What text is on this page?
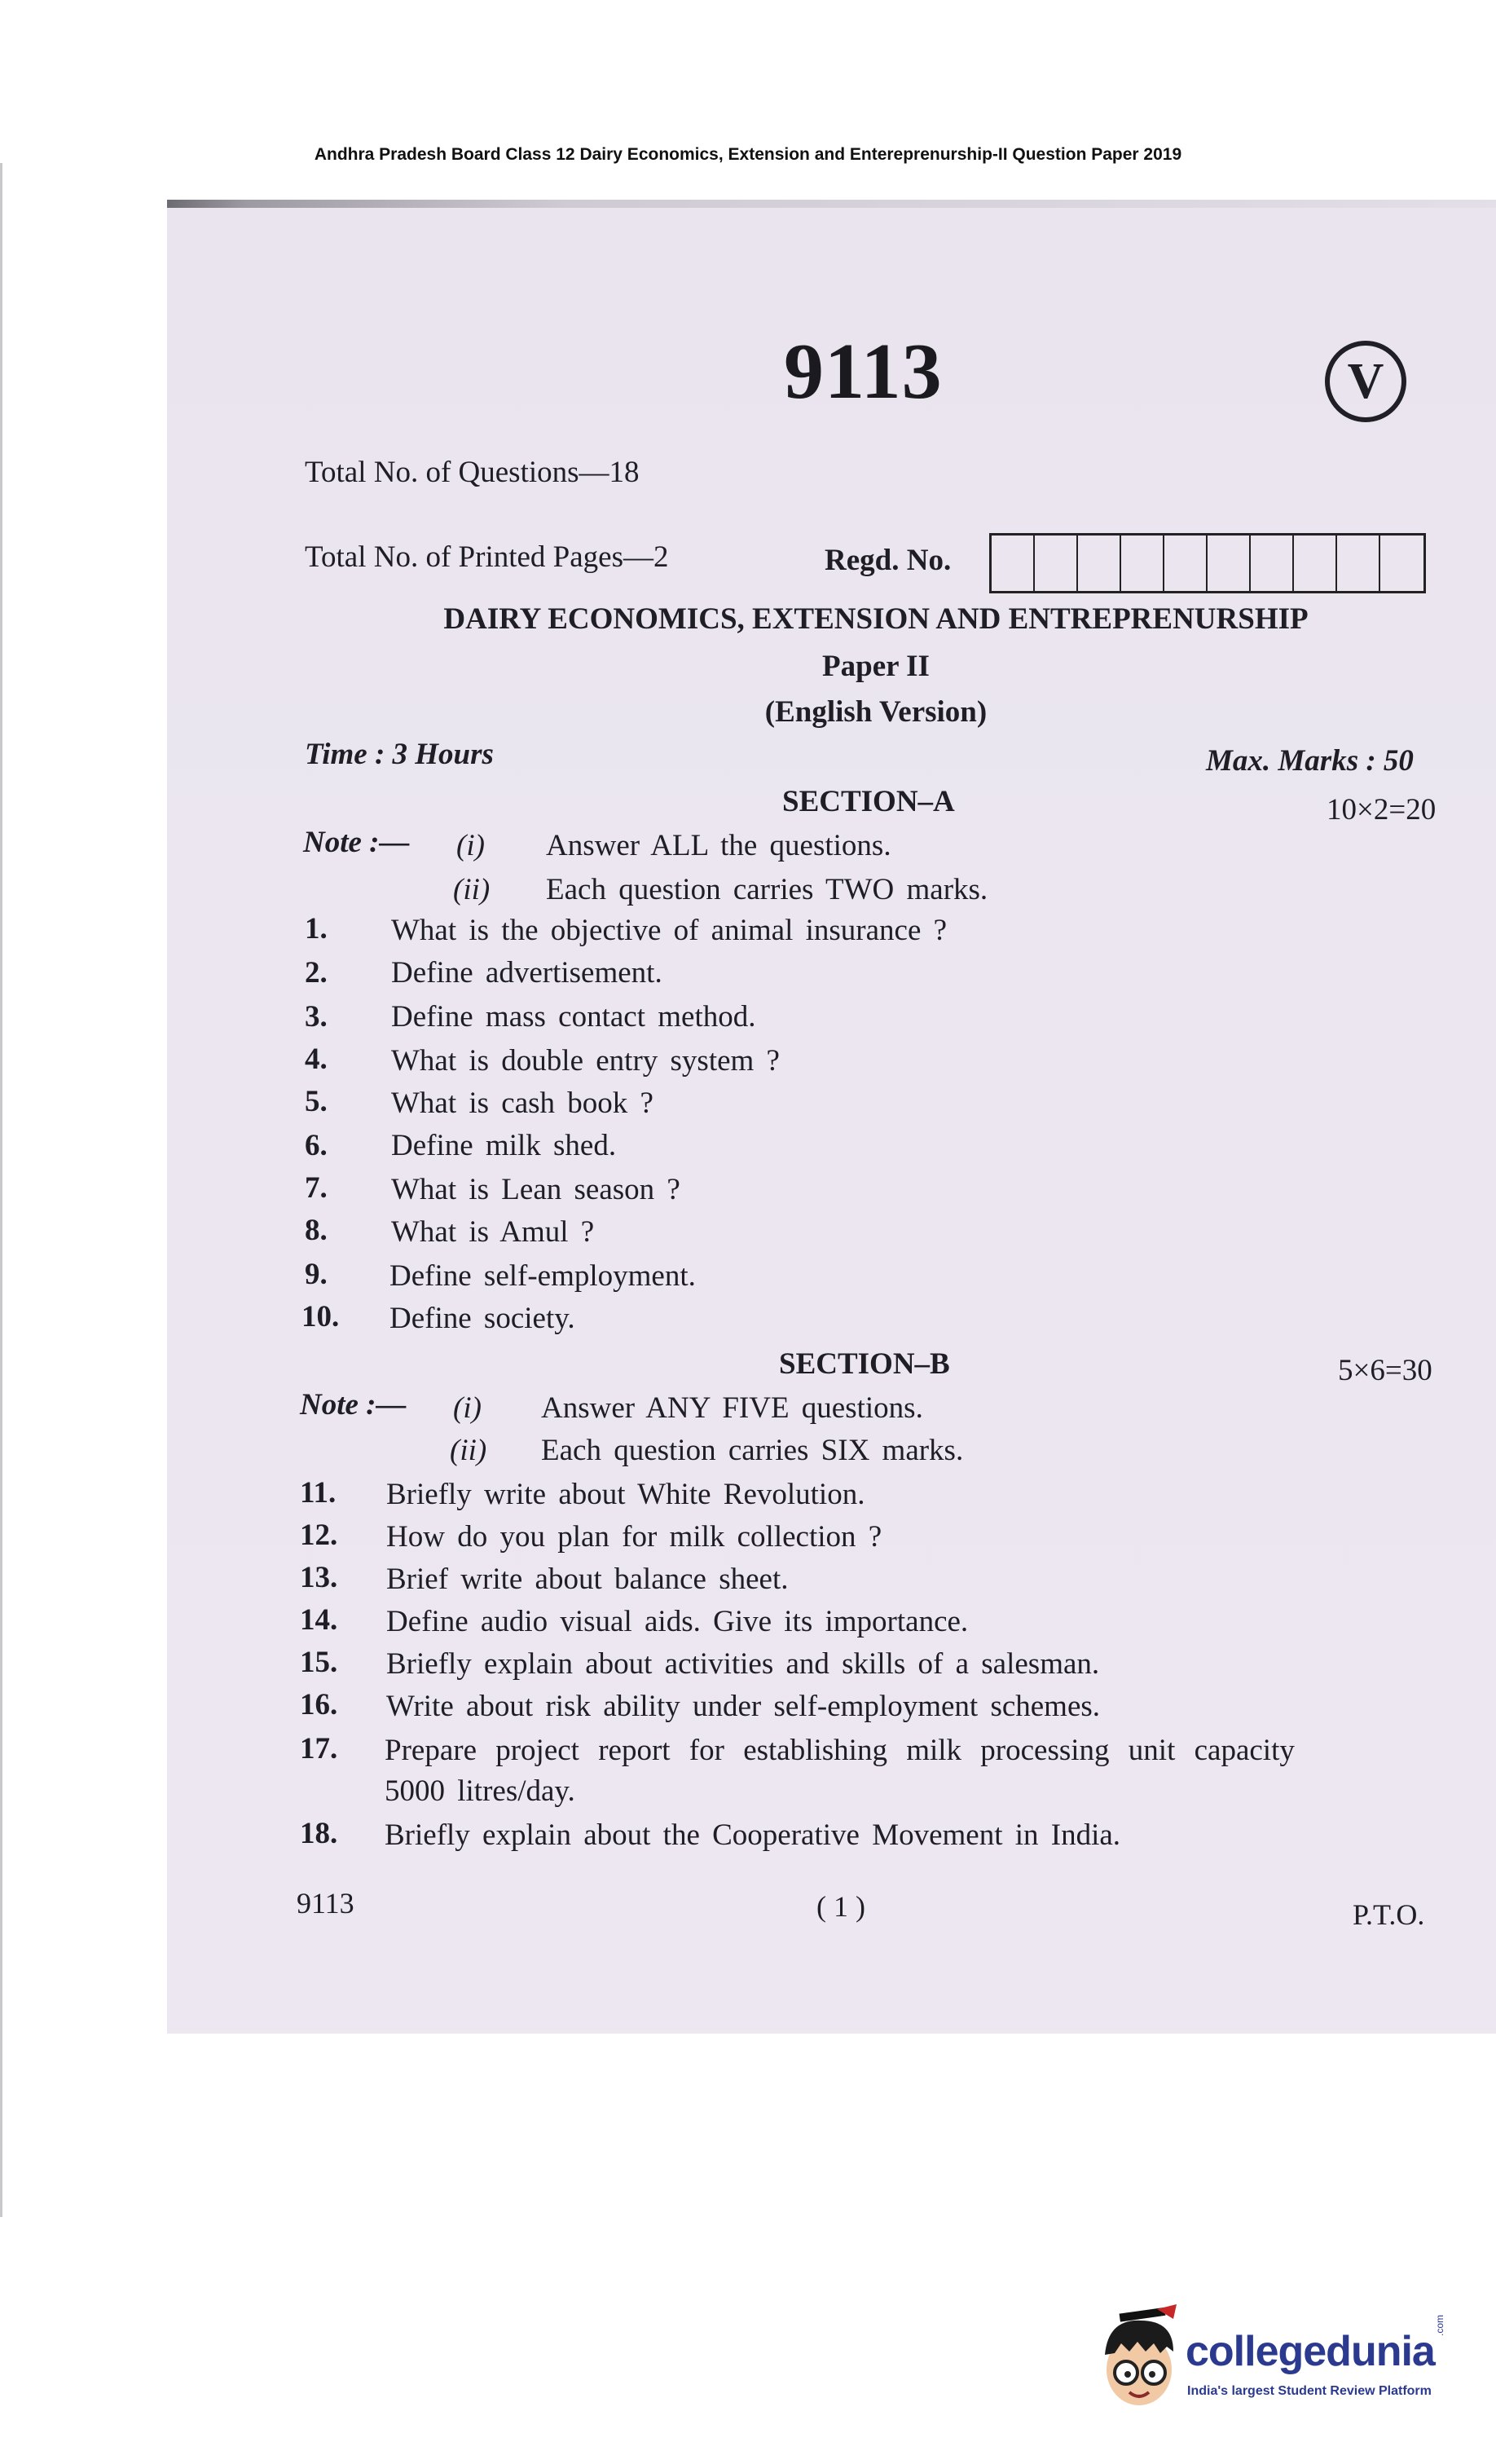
Andhra Pradesh Board Class 12 Dairy Economics, Extension and Entereprenurship-II Question Paper 2019
9113	V
Total No. of Questions—18
Total No. of Printed Pages—2	Regd. No.
DAIRY ECONOMICS, EXTENSION AND ENTREPRENURSHIP
Paper II
(English Version)
Time : 3 Hours	Max. Marks : 50
SECTION–A	10×2=20
Note :— (i) Answer ALL the questions.
(ii) Each question carries TWO marks.
1. What is the objective of animal insurance ?
2. Define advertisement.
3. Define mass contact method.
4. What is double entry system ?
5. What is cash book ?
6. Define milk shed.
7. What is Lean season ?
8. What is Amul ?
9. Define self-employment.
10. Define society.
SECTION–B	5×6=30
Note :— (i) Answer ANY FIVE questions.
(ii) Each question carries SIX marks.
11. Briefly write about White Revolution.
12. How do you plan for milk collection ?
13. Brief write about balance sheet.
14. Define audio visual aids. Give its importance.
15. Briefly explain about activities and skills of a salesman.
16. Write about risk ability under self-employment schemes.
17. Prepare project report for establishing milk processing unit capacity
5000 litres/day.
18. Briefly explain about the Cooperative Movement in India.
9113	( 1 )	P.T.O.
collegedunia
.com
India's largest Student Review Platform
